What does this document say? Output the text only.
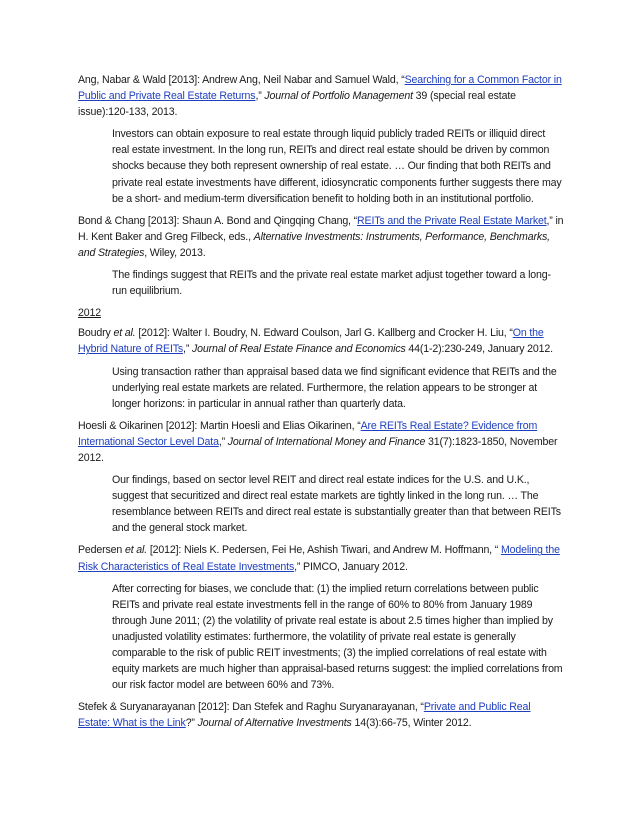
Ang, Nabar & Wald [2013]: Andrew Ang, Neil Nabar and Samuel Wald, “Searching for a Common Factor in Public and Private Real Estate Returns,” Journal of Portfolio Management 39 (special real estate issue):120-133, 2013.

Investors can obtain exposure to real estate through liquid publicly traded REITs or illiquid direct real estate investment. In the long run, REITs and direct real estate should be driven by common shocks because they both represent ownership of real estate. … Our finding that both REITs and private real estate investments have different, idiosyncratic components further suggests there may be a short- and medium-term diversification benefit to holding both in an institutional portfolio.

Bond & Chang [2013]: Shaun A. Bond and Qingqing Chang, “REITs and the Private Real Estate Market,” in H. Kent Baker and Greg Filbeck, eds., Alternative Investments: Instruments, Performance, Benchmarks, and Strategies, Wiley, 2013.

The findings suggest that REITs and the private real estate market adjust together toward a long-run equilibrium.

2012

Boudry et al. [2012]: Walter I. Boudry, N. Edward Coulson, Jarl G. Kallberg and Crocker H. Liu, “On the Hybrid Nature of REITs,” Journal of Real Estate Finance and Economics 44(1-2):230-249, January 2012.

Using transaction rather than appraisal based data we find significant evidence that REITs and the underlying real estate markets are related. Furthermore, the relation appears to be stronger at longer horizons: in particular in annual rather than quarterly data.

Hoesli & Oikarinen [2012]: Martin Hoesli and Elias Oikarinen, “Are REITs Real Estate? Evidence from International Sector Level Data,” Journal of International Money and Finance 31(7):1823-1850, November 2012.

Our findings, based on sector level REIT and direct real estate indices for the U.S. and U.K., suggest that securitized and direct real estate markets are tightly linked in the long run. … The resemblance between REITs and direct real estate is substantially greater than that between REITs and the general stock market.

Pedersen et al. [2012]: Niels K. Pedersen, Fei He, Ashish Tiwari, and Andrew M. Hoffmann, “ Modeling the Risk Characteristics of Real Estate Investments,” PIMCO, January 2012.

After correcting for biases, we conclude that: (1) the implied return correlations between public REITs and private real estate investments fell in the range of 60% to 80% from January 1989 through June 2011; (2) the volatility of private real estate is about 2.5 times higher than implied by unadjusted volatility estimates: furthermore, the volatility of private real estate is generally comparable to the risk of public REIT investments; (3) the implied correlations of real estate with equity markets are much higher than appraisal-based returns suggest: the implied correlations from our risk factor model are between 60% and 73%.

Stefek & Suryanarayanan [2012]: Dan Stefek and Raghu Suryanarayanan, “Private and Public Real Estate: What is the Link?” Journal of Alternative Investments 14(3):66-75, Winter 2012.
